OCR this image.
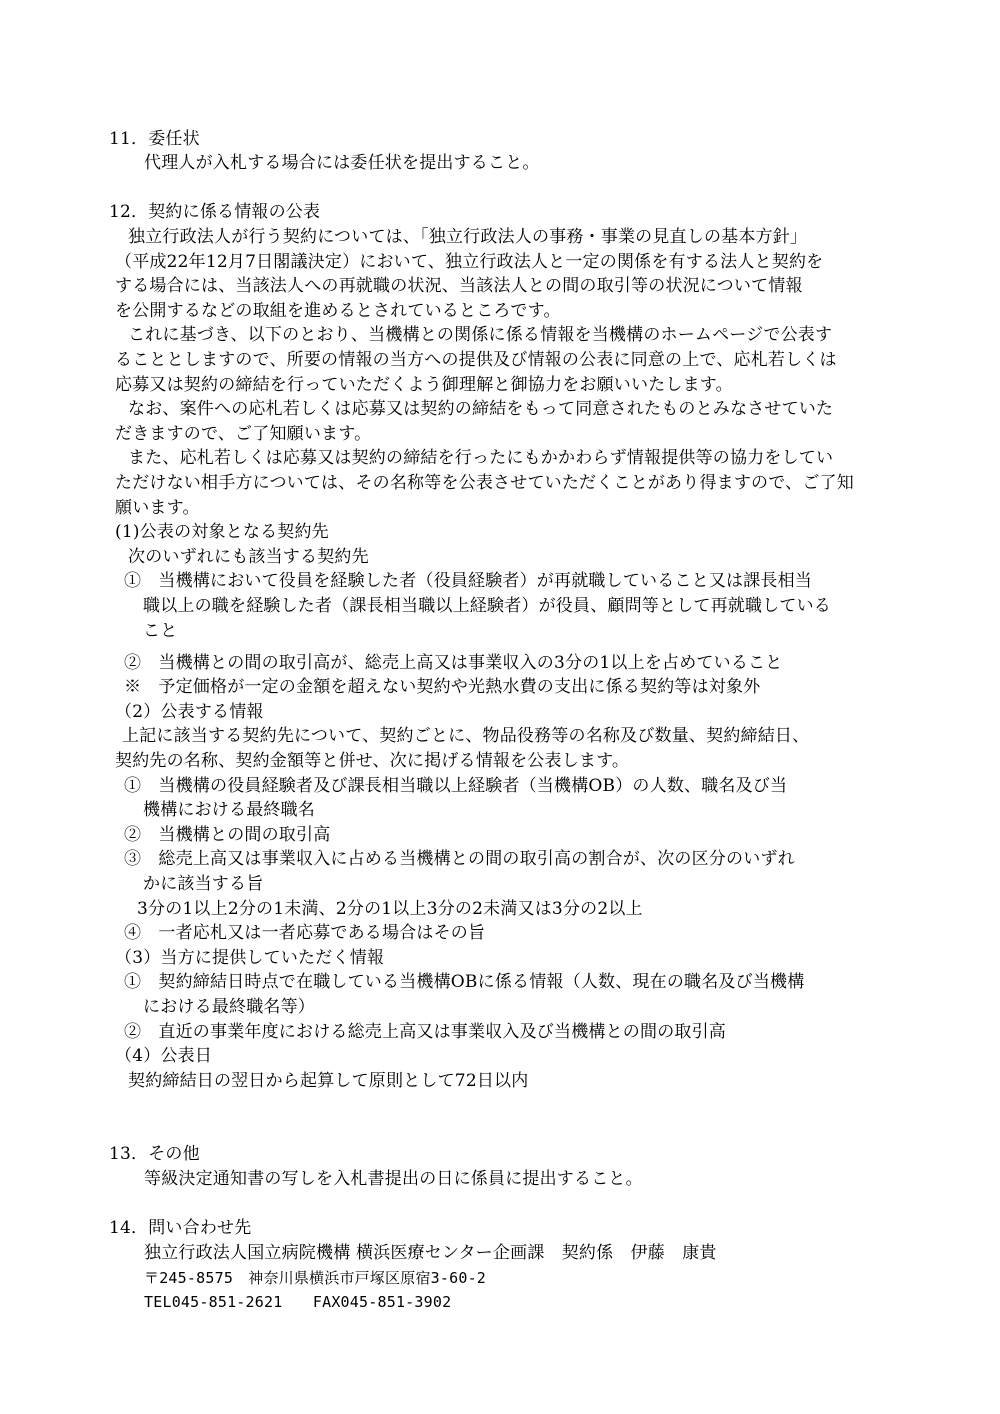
11．委任状
代理人が入札する場合には委任状を提出すること。
12．契約に係る情報の公表
独立行政法人が行う契約については、「独立行政法人の事務・事業の見直しの基本方針」
（平成22年12月7日閣議決定）において、独立行政法人と一定の関係を有する法人と契約を
する場合には、当該法人への再就職の状況、当該法人との間の取引等の状況について情報
を公開するなどの取組を進めるとされているところです。
これに基づき、以下のとおり、当機構との関係に係る情報を当機構のホームページで公表す
ることとしますので、所要の情報の当方への提供及び情報の公表に同意の上で、応札若しくは
応募又は契約の締結を行っていただくよう御理解と御協力をお願いいたします。
なお、案件への応札若しくは応募又は契約の締結をもって同意されたものとみなさせていた
だきますので、ご了知願います。
また、応札若しくは応募又は契約の締結を行ったにもかかわらず情報提供等の協力をしてい
ただけない相手方については、その名称等を公表させていただくことがあり得ますので、ご了知
願います。
(1)公表の対象となる契約先
次のいずれにも該当する契約先
①　当機構において役員を経験した者（役員経験者）が再就職していること又は課長相当
職以上の職を経験した者（課長相当職以上経験者）が役員、顧問等として再就職している
こと
②　当機構との間の取引高が、総売上高又は事業収入の3分の1以上を占めていること
※　予定価格が一定の金額を超えない契約や光熱水費の支出に係る契約等は対象外
（2）公表する情報
上記に該当する契約先について、契約ごとに、物品役務等の名称及び数量、契約締結日、
契約先の名称、契約金額等と併せ、次に掲げる情報を公表します。
①　当機構の役員経験者及び課長相当職以上経験者（当機構OB）の人数、職名及び当
機構における最終職名
②　当機構との間の取引高
③　総売上高又は事業収入に占める当機構との間の取引高の割合が、次の区分のいずれ
かに該当する旨
3分の1以上2分の1未満、2分の1以上3分の2未満又は3分の2以上
④　一者応札又は一者応募である場合はその旨
（3）当方に提供していただく情報
①　契約締結日時点で在職している当機構OBに係る情報（人数、現在の職名及び当機構
における最終職名等）
②　直近の事業年度における総売上高又は事業収入及び当機構との間の取引高
（4）公表日
契約締結日の翌日から起算して原則として72日以内
13．その他
等級決定通知書の写しを入札書提出の日に係員に提出すること。
14．問い合わせ先
独立行政法人国立病院機構 横浜医療センター企画課　契約係　伊藤　康貴
〒245-8575　神奈川県横浜市戸塚区原宿3-60-2
TEL045-851-2621　　FAX045-851-3902
